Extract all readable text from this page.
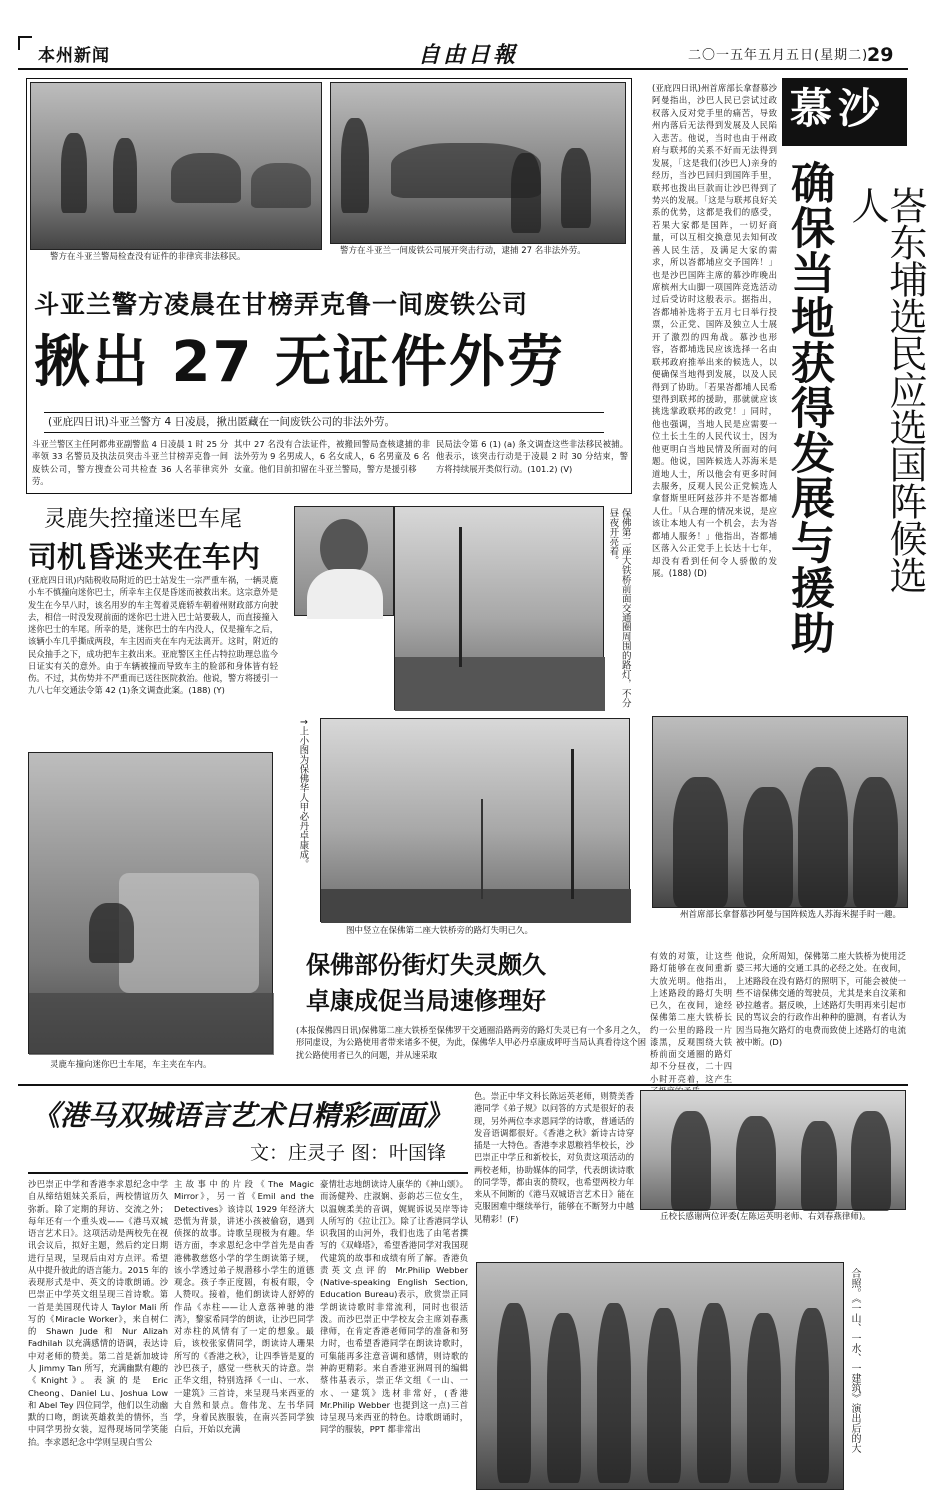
本州新闻	自由日報	二〇一五年五月五日(星期二)
29
警方在斗亚兰警局检查没有证件的非律宾非法移民。
警方在斗亚兰一间废铁公司展开突击行动，逮捕 27 名非法外劳。
斗亚兰警方凌晨在甘榜弄克鲁一间废铁公司
揪出 27 无证件外劳
(亚庇四日讯)斗亚兰警方 4 日凌晨，揪出匿藏在一间废铁公司的非法外劳。
斗亚兰警区主任阿都弗亚副警监 4 日凌晨 1 时 25 分率领 33 名警员及执法员突击斗亚兰甘榜弄克鲁一间废铁公司，警方搜查公司共检查 36 人名菲律宾外劳。
其中 27 名没有合法证件，被搬回警局查核逮捕的非法外劳为 9 名男成人，6 名女成人，6 名男童及 6 名女童。他们目前扣留在斗亚兰警局，警方是援引移
民局法令第 6 (1) (a) 条文调查这些非法移民被捕。他表示，该突击行动是于凌晨 2 时 30 分结束，警方将持续展开类似行动。(101.2) (V)
(亚庇四日讯)州首席部长拿督慕沙阿曼指出，沙巴人民已尝试过政权落入反对党手里的痛苦，导致州内落后无法得到发展及人民陷入悲苦。他说，当时也由于州政府与联邦的关系不好而无法得到发展，「这是我们(沙巴人)亲身的经历，当沙巴回归到国阵手里，联邦也拨出巨款而让沙巴得到了势兴的发展。「这是与联邦良好关系的优势，这都是我们的感受，若果大家都是国阵，一切好商量，可以互相交换意见去知何改善人民生活，及满足大家的需求，所以峇都埔应交予国阵！」也是沙巴国阵主席的慕沙昨晚出席槟州大山脚一项国阵竞选活动过后受访时这般表示。据指出，峇都埔补选将于五月七日举行投票，公正党、国阵及独立人士展开了激烈的四角战。慕沙也形容，峇都埔选民应该选择一名由联邦政府推举出来的候选人，以便确保当地得到发展，以及人民得到了协助。「若果峇都埔人民希望得到联邦的援助，那就就应该挑选掌政联邦的政党！」同时，他也强调，当地人民是应需要一位土长土生的人民代议士，因为他更明白当地民情及所面对的问题。他说，国阵候选人苏海米是道地人士，所以他会有更多时间去服务，反观人民公正党候选人拿督斯里旺阿兹莎并不是峇都埔人仕。「从合理的情况来说，是应该让本地人有一个机会，去为峇都埔人服务！」他指出，峇都埔区落入公正党手上长达十七年，却没有看到任何令人骄傲的发展。(188) (D)
慕沙
确保当地获得发展与援助	峇东埔选民应选国阵候选人
州首席部长拿督慕沙阿曼与国阵候选人苏海米握手时一趣。
灵鹿失控撞迷巴车尾
司机昏迷夹在车内
(亚庇四日讯)内陆税收局附近的巴士站发生一宗严重车祸，一辆灵鹿小车不慎撞向迷你巴士，所幸车主仅是昏迷而被救出来。这宗意外是发生在今早八时，该名用岁的车主驾着灵鹿轿车朝着州财政部方向驶去，相信一时没发现前面的迷你巴士进入巴士站要载人，而直接撞入迷你巴士的车尾。所幸的是，迷你巴士的车内没人，仅是撞车之后，该辆小车几乎撕成两段，车主因而夹在车内无法离开。这时，附近的民众抽手之下，成功把车主救出来。亚庇警区主任占特拉助理总监今日证实有关的意外。由于车辆被撞而导致车主的脸部和身体皆有轻伤。不过，其伤势并不严重而已送往医院救治。他说，警方将援引一九八七年交通法令第 42 (1)条文调查此案。(188) (Y)
灵鹿车撞向迷你巴士车尾，车主夹在车内。
保佛第二座大铁桥前面交通圈周围的路灯，不分昼夜开亮着。
↑上小图为保佛华人甲必丹卓康成。
图中竖立在保佛第二座大铁桥旁的路灯失明已久。
保佛部份街灯失灵颇久
卓康成促当局速修理好
(本报保佛四日讯)保佛第二座大铁桥至保佛罗干交通圈沿路两旁的路灯失灵已有一个多月之久，形同虚设，为公路使用者带来诸多不便，为此，保佛华人甲必丹卓康成呼吁当局认真看待这个困扰公路使用者已久的问题，并从速采取
有效的对策，让这些路灯能够在夜间重新大放光明。他指出，上述路段的路灯失明已久，在夜间，途经保佛第二座大铁桥长约一公里的路段一片漆黑，反观围绕大铁桥前面交通圈的路灯却不分昼夜，二十四小时开亮着，这产生
他说，众所周知，保佛第二座大铁桥为使用泛婆三邦大通的交通工具的必经之处。在夜间，上述路段在没有路灯的照明下，可能会被使一些不谙保佛交通的驾驶员，尤其是来自汶莱和砂拉越者。据反映，上述路灯失明再来引起市民的骂议会的行政作出种种的臆测，有者认为因当局拖欠路灯的电费而致使上述路灯的电流被中断。(D)
《港马双城语言艺术日精彩画面》
文：庄灵子 图：叶国锋
沙巴崇正中学和香港李求恩纪念中学自从缔结姐妹关系后，两校情谊历久弥新。除了定期的拜访、交流之外；每年还有一个重头戏——《港马双城语言艺术日》。这项活动是两校先在视讯会议后，拟好主题，然后约定日期进行呈现，呈现后由对方点评。希望从中提升彼此的语言能力。2015 年的表现形式是中、英文的诗歌朗诵。沙巴崇正中学英文组呈现三首诗歌。第一首是美国现代诗人 Taylor Mali 所写的《Miracle Worker》，来自树仁的 Shawn Jude 和 Nur Alizah Fadhilah 以充满感情的语调，表达诗中对老师的赞美。第二首是新加坡诗人 Jimmy Tan 所写，充满幽默有趣的《Knight》。表演的是 Eric Cheong、Daniel Lu、Joshua Low 和 Abel Tey 四位同学，他们以生动幽默的口吻，朗读英雄救美的情怀，当中同学男扮女装，逗得现场同学笑能抬。李求恩纪念中学则呈现白雪公
主故事中的片段《The Magic Mirror》，另一首《Emil and the Detectives》该诗以 1929 年经济大恐慌为背景，讲述小孩被偷窃，遇到侦探的故事。诗歌呈现极为有趣。华语方面，李求恩纪念中学首先是由香港佛教慈悠小学的学生朗读第子规，该小学透过弟子规潜移小学生的道德观念。孩子李正度圆，有板有眼，令人赞叹。接着，他们朗读诗人舒婷的作品《赤柱——让人意落神驰的港湾》，黎家希同学的朗读，让沙巴同学对赤柱的风情有了一定的想象。最后，该校张家倩同学，朗读诗人珊果所写的《香港之秋》，让四季皆是夏的沙巴孩子，感觉一些秋天的诗意。崇正华文组，特别选择《一山、一水、一建筑》三首诗，来呈现马来西亚的大自然和景点。詹伟龙、左书华同学，身着民族服装，在南兴荟同学独白后，开始以充满
豪情壮志地朗读诗人康华的《神山颂》。而汤健羚、庄淑娴、彭韵芯三位女生，以温婉柔美的音调，娓娓诉说吴岸等诗人所写的《拉让江》。除了让香港同学认识我国的山河外，我们也选了由笔者撰写的《双峰塔》，希望香港同学对我国现代建筑的故事和成绩有所了解。香港负责英文点评的 Mr.Philip Webber (Native-speaking English Section, Education Bureau)表示，欣赏崇正同学朗读诗歌时非常流利，同时也很活泼。而沙巴崇正中学校友会主席刘春燕律师，在肯定香港老师同学的准备和努力时，也希望香港同学在朗读诗歌时，可集能再多注意音调和感情，则诗歌的神韵更精彩。来自香港亚洲周刊的编辑蔡伟基表示，崇正华文组《一山、一水、一建筑》选材非常好，(香港 Mr.Philip Webber 也提到这一点)三首诗呈现马来西亚的特色。诗歌朗诵时，同学的服装，PPT 都非常出
色。崇正中华文科长陈运英老师，则赞美香港同学《弟子规》以问答的方式是很好的表现，另外两位李求恩同学的诗歌，普通话的发音语调都很好。《香港之秋》新诗古诗穿插是一大特色。香港李求恩粮裆华校长，沙巴崇正中学丘和新校长，对负责这项活动的两校老师，协助媒体的同学，代表朗读诗歌的同学等，都由衷的赞叹，也希望两校力年来从不间断的《港马双城语言艺术日》能在克服困难中继续举行，能够在不断努力中越见精彩！(F)	丘校长感谢两位评委(左陈运英明老师、右刘春燕律师)。
合照。《一山、一水、一建筑》演出后的大
